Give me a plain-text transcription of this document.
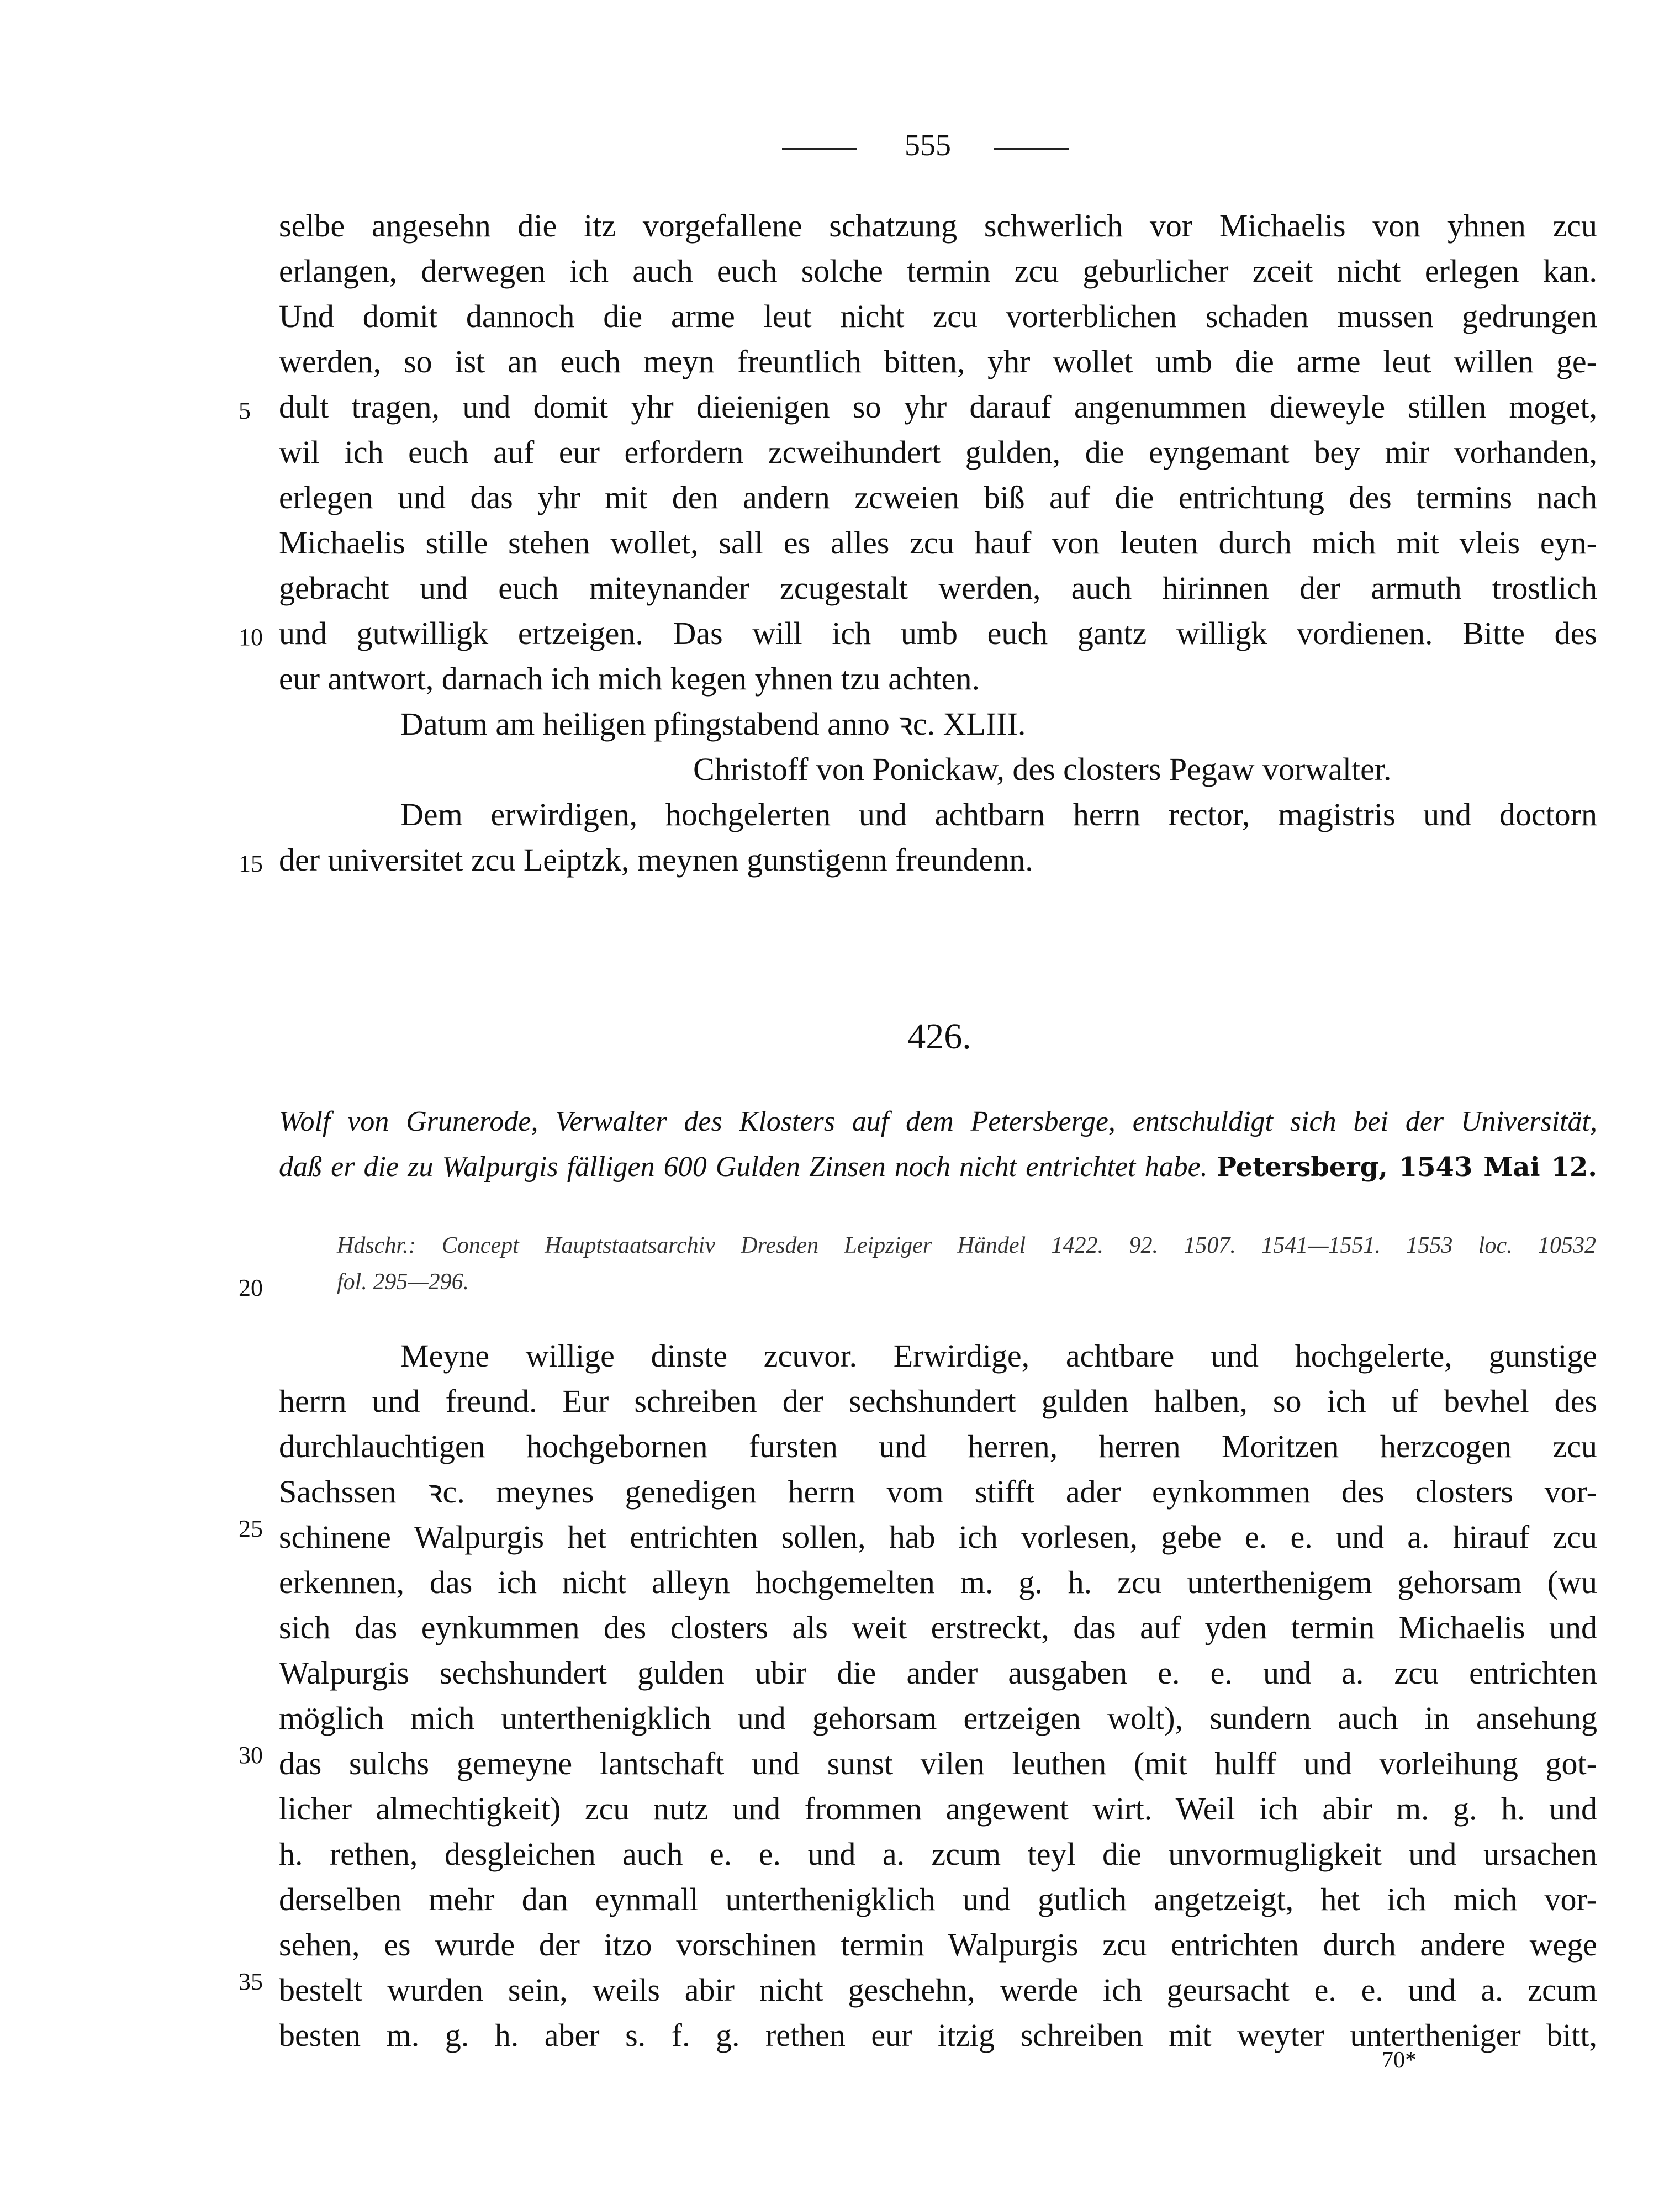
555
selbe angesehn die itz vorgefallene schatzung schwerlich vor Michaelis von yhnen zcu
erlangen, derwegen ich auch euch solche termin zcu geburlicher zceit nicht erlegen kan.
Und domit dannoch die arme leut nicht zcu vorterblichen schaden mussen gedrungen
werden, so ist an euch meyn freuntlich bitten, yhr wollet umb die arme leut willen ge-
dult tragen, und domit yhr dieienigen so yhr darauf angenummen dieweyle stillen moget,
wil ich euch auf eur erfordern zcweihundert gulden, die eyngemant bey mir vorhanden,
erlegen und das yhr mit den andern zcweien biß auf die entrichtung des termins nach
Michaelis stille stehen wollet, sall es alles zcu hauf von leuten durch mich mit vleis eyn-
gebracht und euch miteynander zcugestalt werden, auch hirinnen der armuth trostlich
und gutwilligk ertzeigen. Das will ich umb euch gantz willigk vordienen. Bitte des
eur antwort, darnach ich mich kegen yhnen tzu achten.
Datum am heiligen pfingstabend anno ꝛc. XLIII.
Christoff von Ponickaw, des closters Pegaw vorwalter.
Dem erwirdigen, hochgelerten und achtbarn herrn rector, magistris und doctorn
der universitet zcu Leiptzk, meynen gunstigenn freundenn.
5
10
15
426.
Wolf von Grunerode, Verwalter des Klosters auf dem Petersberge, entschuldigt sich bei der Universität,
daß er die zu Walpurgis fälligen 600 Gulden Zinsen noch nicht entrichtet habe. Petersberg, 1543 Mai 12.
Hdschr.: Concept Hauptstaatsarchiv Dresden Leipziger Händel 1422. 92. 1507. 1541—1551. 1553 loc. 10532
fol. 295—296.
20
Meyne willige dinste zcuvor. Erwirdige, achtbare und hochgelerte, gunstige
herrn und freund. Eur schreiben der sechshundert gulden halben, so ich uf bevhel des
durchlauchtigen hochgebornen fursten und herren, herren Moritzen herzcogen zcu
Sachssen ꝛc. meynes genedigen herrn vom stifft ader eynkommen des closters vor-
schinene Walpurgis het entrichten sollen, hab ich vorlesen, gebe e. e. und a. hirauf zcu
erkennen, das ich nicht alleyn hochgemelten m. g. h. zcu unterthenigem gehorsam (wu
sich das eynkummen des closters als weit erstreckt, das auf yden termin Michaelis und
Walpurgis sechshundert gulden ubir die ander ausgaben e. e. und a. zcu entrichten
möglich mich unterthenigklich und gehorsam ertzeigen wolt), sundern auch in ansehung
das sulchs gemeyne lantschaft und sunst vilen leuthen (mit hulff und vorleihung got-
licher almechtigkeit) zcu nutz und frommen angewent wirt. Weil ich abir m. g. h. und
h. rethen, desgleichen auch e. e. und a. zcum teyl die unvormugligkeit und ursachen
derselben mehr dan eynmall unterthenigklich und gutlich angetzeigt, het ich mich vor-
sehen, es wurde der itzo vorschinen termin Walpurgis zcu entrichten durch andere wege
bestelt wurden sein, weils abir nicht geschehn, werde ich geursacht e. e. und a. zcum
besten m. g. h. aber s. f. g. rethen eur itzig schreiben mit weyter untertheniger bitt,
25
30
35
70*
